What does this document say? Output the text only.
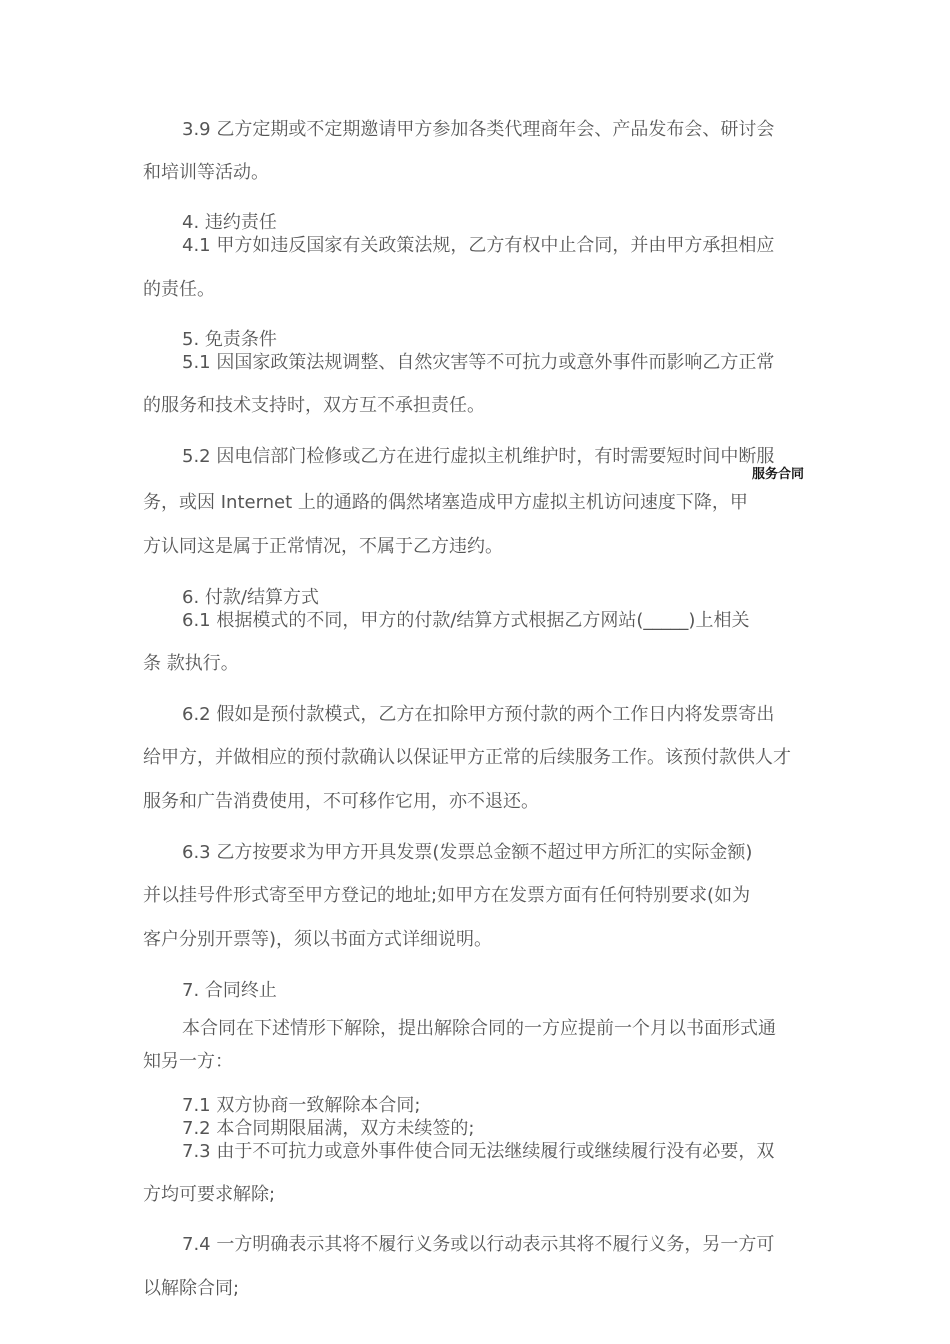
3.9 乙方定期或不定期邀请甲方参加各类代理商年会、产品发布会、研讨会
和培训等活动。
4. 违约责任
4.1 甲方如违反国家有关政策法规，乙方有权中止合同，并由甲方承担相应
的责任。
5. 免责条件
5.1 因国家政策法规调整、自然灾害等不可抗力或意外事件而影响乙方正常
的服务和技术支持时，双方互不承担责任。
5.2 因电信部门检修或乙方在进行虚拟主机维护时，有时需要短时间中断服
务，或因 Internet 上的通路的偶然堵塞造成甲方虚拟主机访问速度下降，甲
方认同这是属于正常情况，不属于乙方违约。
6. 付款/结算方式
6.1 根据模式的不同，甲方的付款/结算方式根据乙方网站(_____)上相关
条 款执行。
6.2 假如是预付款模式，乙方在扣除甲方预付款的两个工作日内将发票寄出
给甲方，并做相应的预付款确认以保证甲方正常的后续服务工作。该预付款供人才
服务和广告消费使用，不可移作它用，亦不退还。
6.3 乙方按要求为甲方开具发票(发票总金额不超过甲方所汇的实际金额)
并以挂号件形式寄至甲方登记的地址;如甲方在发票方面有任何特别要求(如为
客户分别开票等)，须以书面方式详细说明。
7. 合同终止
本合同在下述情形下解除，提出解除合同的一方应提前一个月以书面形式通
知另一方：
7.1 双方协商一致解除本合同;
7.2 本合同期限届满，双方未续签的;
7.3 由于不可抗力或意外事件使合同无法继续履行或继续履行没有必要，双
方均可要求解除;
7.4 一方明确表示其将不履行义务或以行动表示其将不履行义务，另一方可
以解除合同;
服务合同
